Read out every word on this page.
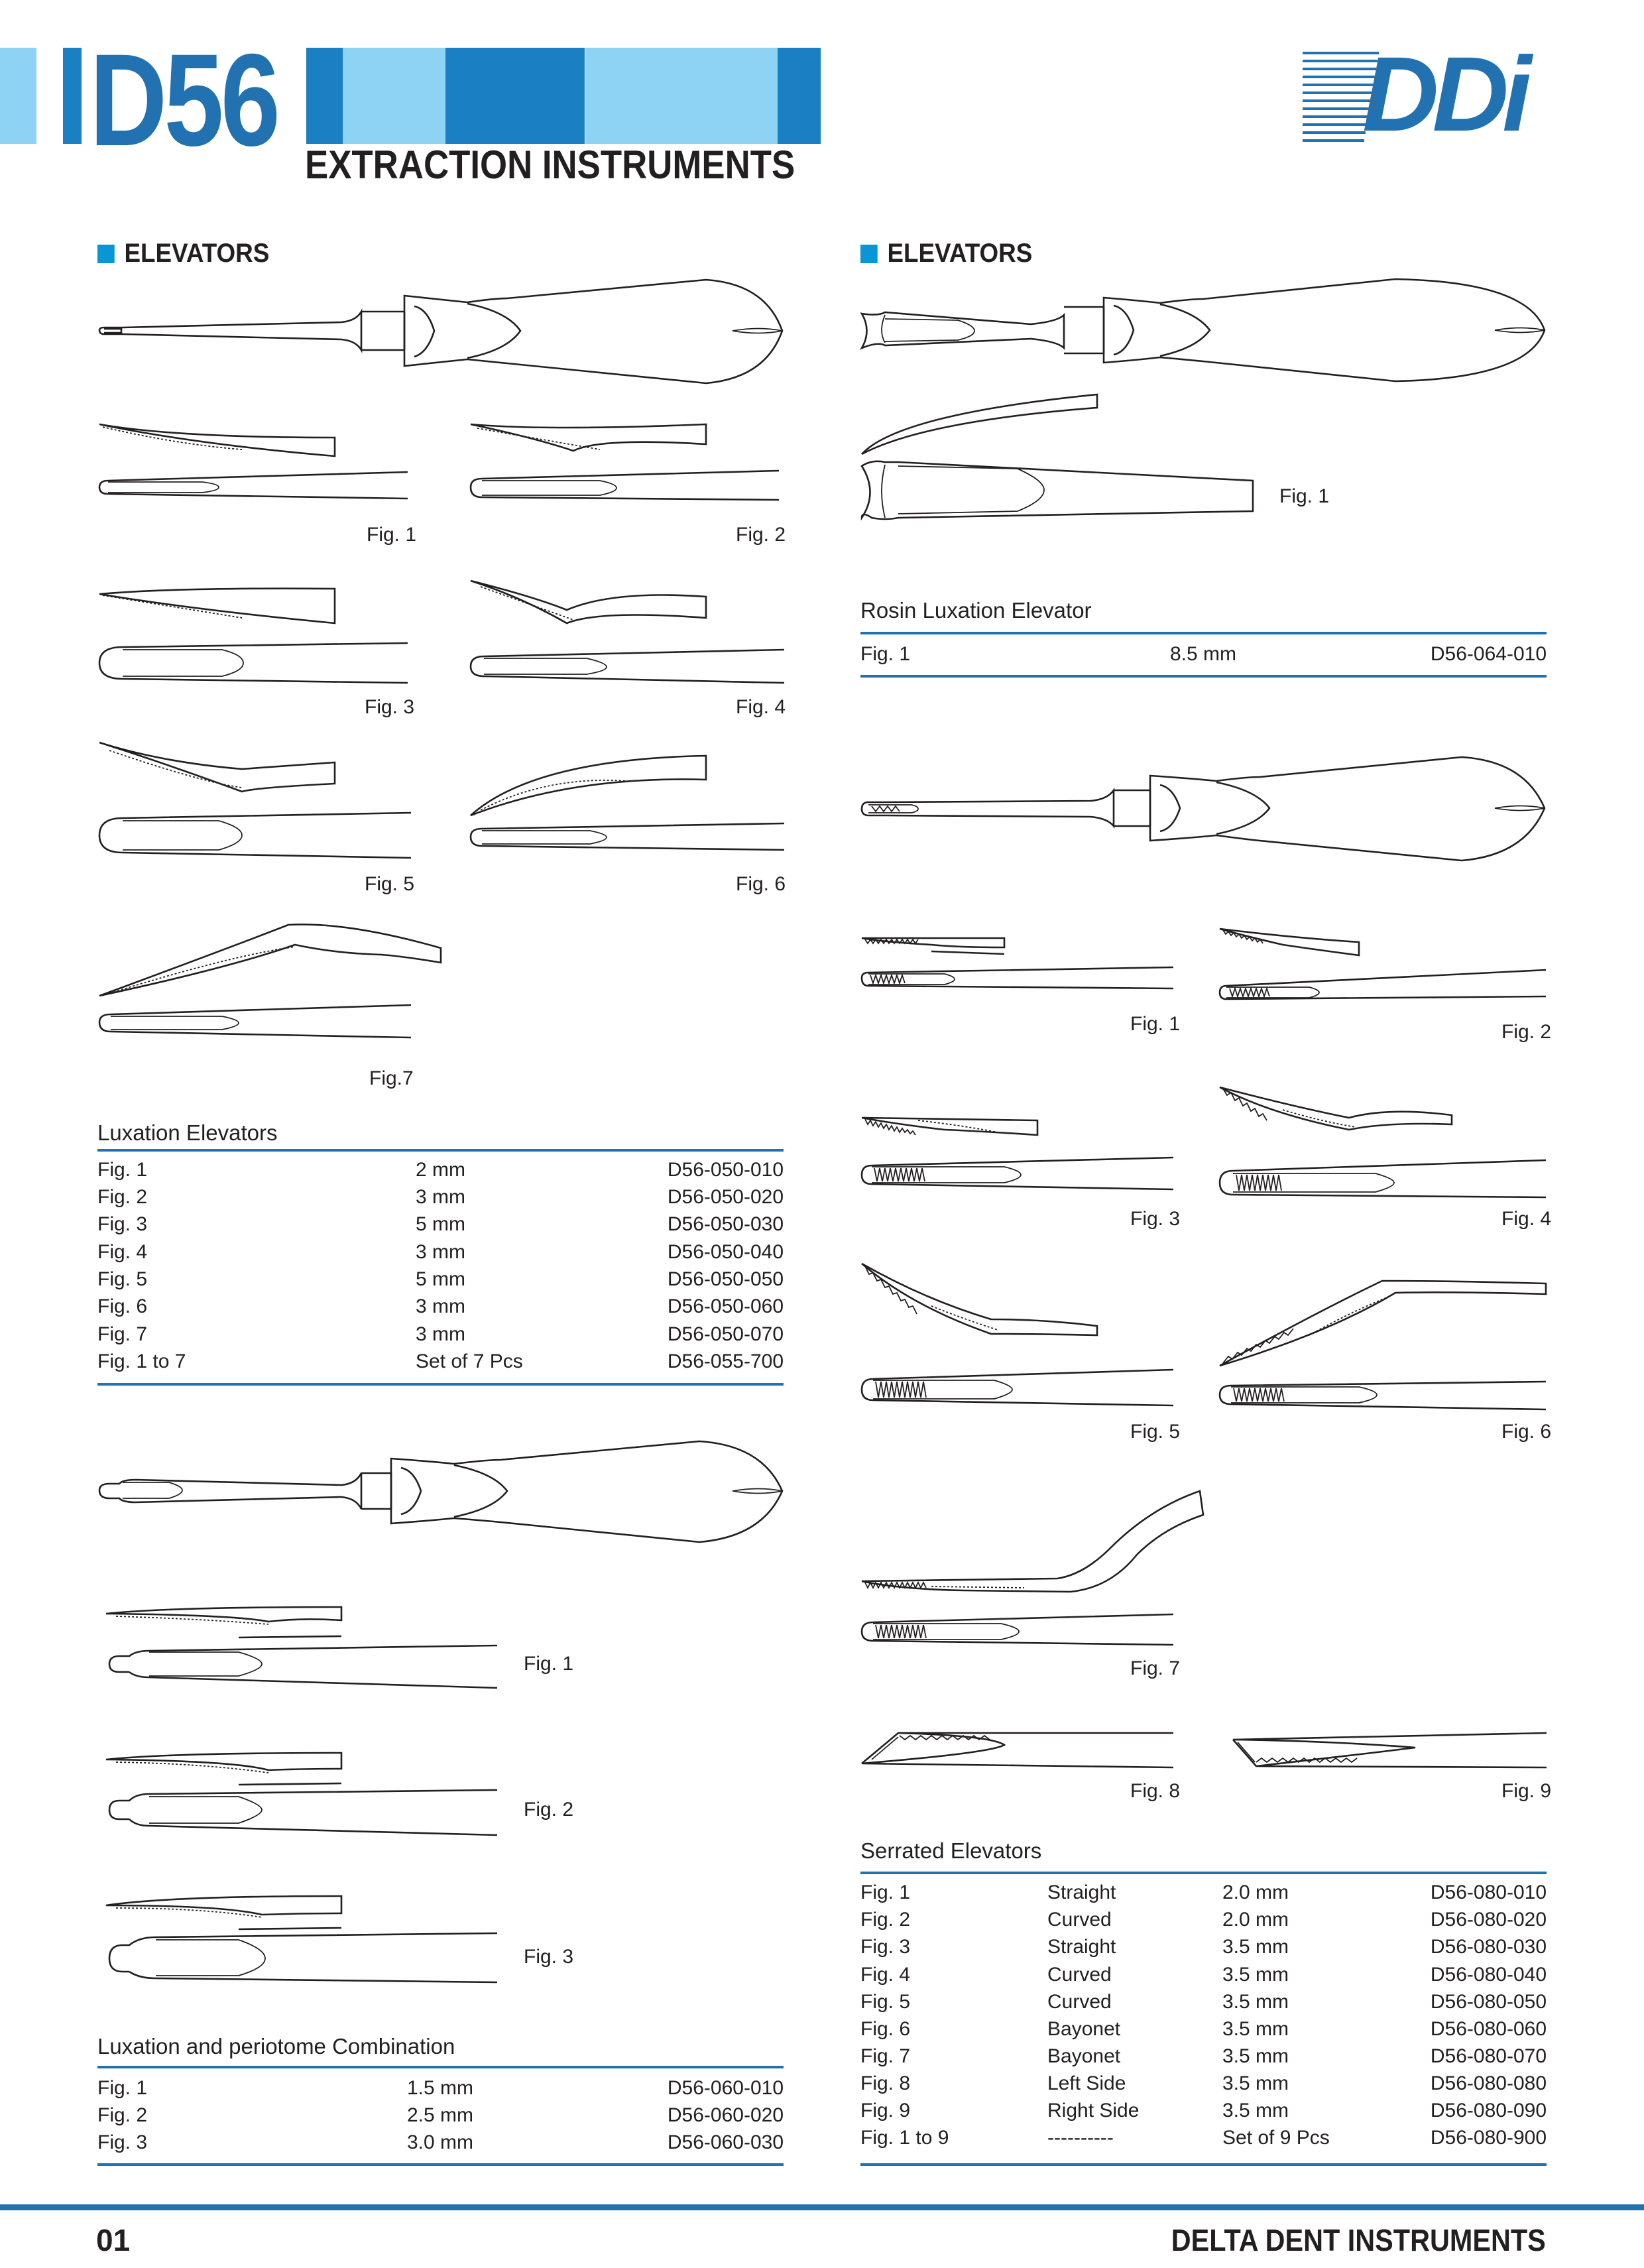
D56 EXTRACTION INSTRUMENTS
DDi
ELEVATORS
Fig. 1	Fig. 2
Fig. 3	Fig. 4
Fig. 5	Fig. 6
Fig.7
Luxation Elevators
Fig. 1	2 mm	D56-050-010
Fig. 2	3 mm	D56-050-020
Fig. 3	5 mm	D56-050-030
Fig. 4	3 mm	D56-050-040
Fig. 5	5 mm	D56-050-050
Fig. 6	3 mm	D56-050-060
Fig. 7	3 mm	D56-050-070
Fig. 1 to 7	Set of 7 Pcs	D56-055-700
Fig. 1
Fig. 2
Fig. 3
Luxation and periotome Combination
Fig. 1	1.5 mm	D56-060-010
Fig. 2	2.5 mm	D56-060-020
Fig. 3	3.0 mm	D56-060-030
ELEVATORS
Fig. 1
Rosin Luxation Elevator
Fig. 1	8.5 mm	D56-064-010
Fig. 1	Fig. 2
Fig. 3	Fig. 4
Fig. 5	Fig. 6
Fig. 7
Fig. 8	Fig. 9
Serrated Elevators
Fig. 1	Straight	2.0 mm	D56-080-010
Fig. 2	Curved	2.0 mm	D56-080-020
Fig. 3	Straight	3.5 mm	D56-080-030
Fig. 4	Curved	3.5 mm	D56-080-040
Fig. 5	Curved	3.5 mm	D56-080-050
Fig. 6	Bayonet	3.5 mm	D56-080-060
Fig. 7	Bayonet	3.5 mm	D56-080-070
Fig. 8	Left Side	3.5 mm	D56-080-080
Fig. 9	Right Side	3.5 mm	D56-080-090
Fig. 1 to 9	----------	Set of 9 Pcs	D56-080-900
01	DELTA DENT INSTRUMENTS
